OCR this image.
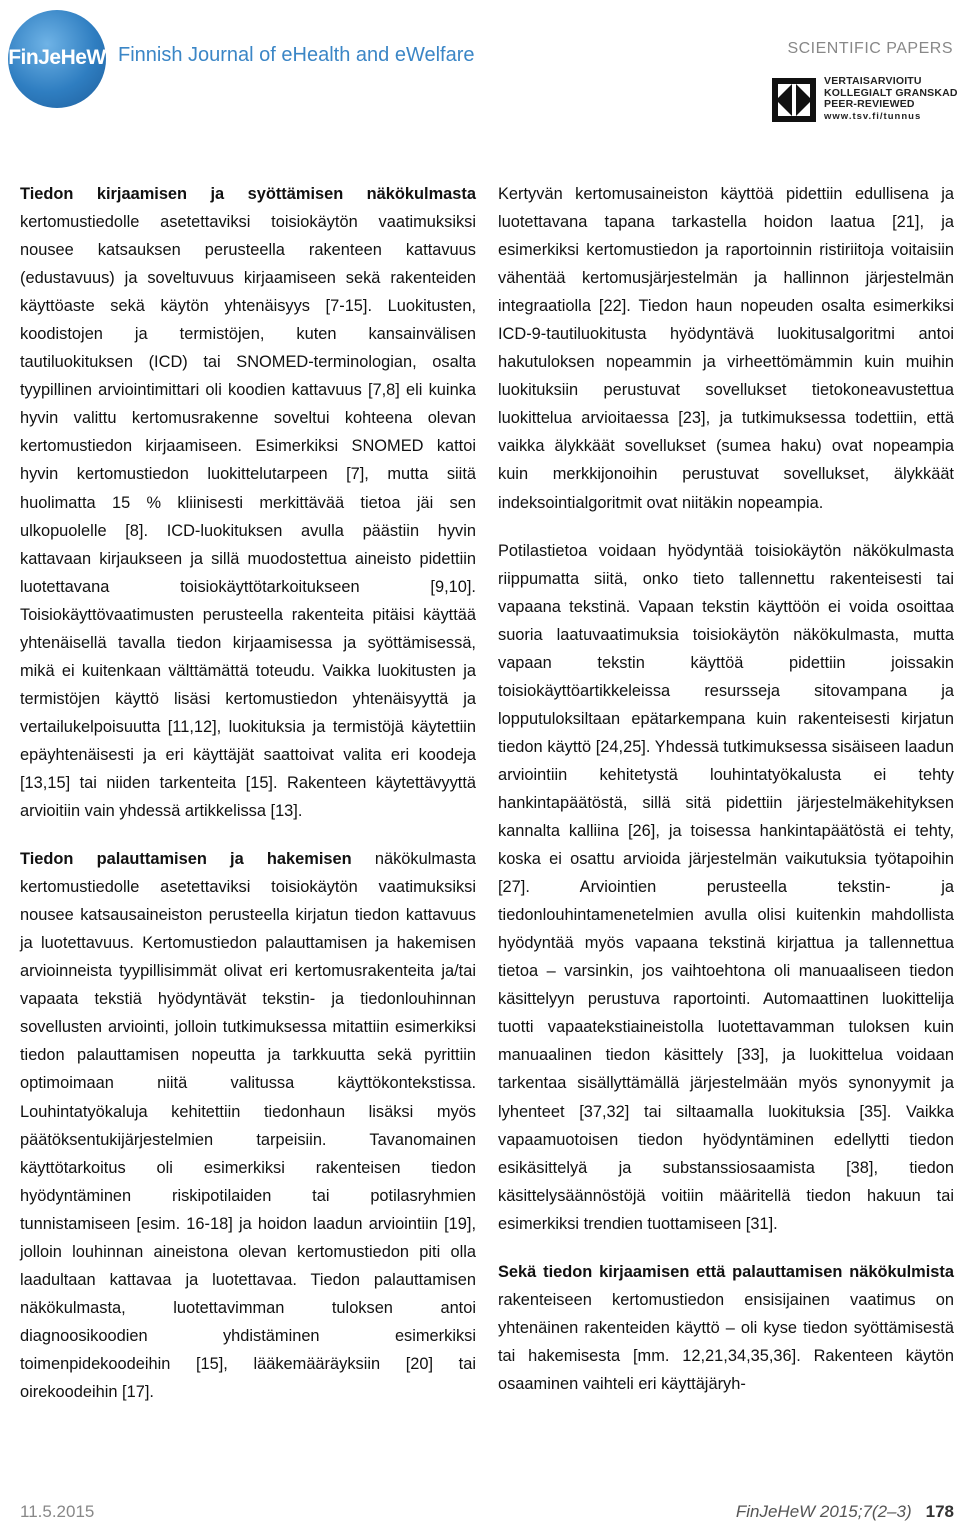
FinJeHeW Finnish Journal of eHealth and eWelfare	SCIENTIFIC PAPERS
VERTAISARVIOITU
KOLLEGIALT GRANSKAD
PEER-REVIEWED
www.tsv.fi/tunnus

Tiedon kirjaamisen ja syöttämisen näkökulmasta kertomustiedolle asetettaviksi toisiokäytön vaatimuksiksi nousee katsauksen perusteella rakenteen kattavuus (edustavuus) ja soveltuvuus kirjaamiseen sekä rakenteiden käyttöaste sekä käytön yhtenäisyys [7-15]. Luokitusten, koodistojen ja termistöjen, kuten kansainvälisen tautiluokituksen (ICD) tai SNOMED-terminologian, osalta tyypillinen arviointimittari oli koodien kattavuus [7,8] eli kuinka hyvin valittu kertomusrakenne soveltui kohteena olevan kertomustiedon kirjaamiseen. Esimerkiksi SNOMED kattoi hyvin kertomustiedon luokittelutarpeen [7], mutta siitä huolimatta 15 % kliinisesti merkittävää tietoa jäi sen ulkopuolelle [8]. ICD-luokituksen avulla päästiin hyvin kattavaan kirjaukseen ja sillä muodostettua aineisto pidettiin luotettavana toisiokäyttötarkoitukseen [9,10]. Toisiokäyttövaatimusten perusteella rakenteita pitäisi käyttää yhtenäisellä tavalla tiedon kirjaamisessa ja syöttämisessä, mikä ei kuitenkaan välttämättä toteudu. Vaikka luokitusten ja termistöjen käyttö lisäsi kertomustiedon yhtenäisyyttä ja vertailukelpoisuutta [11,12], luokituksia ja termistöjä käytettiin epäyhtenäisesti ja eri käyttäjät saattoivat valita eri koodeja [13,15] tai niiden tarkenteita [15]. Rakenteen käytettävyyttä arvioitiin vain yhdessä artikkelissa [13].

Tiedon palauttamisen ja hakemisen näkökulmasta kertomustiedolle asetettaviksi toisiokäytön vaatimuksiksi nousee katsausaineiston perusteella kirjatun tiedon kattavuus ja luotettavuus. Kertomustiedon palauttamisen ja hakemisen arvioinneista tyypillisimmät olivat eri kertomusrakenteita ja/tai vapaata tekstiä hyödyntävät tekstin- ja tiedonlouhinnan sovellusten arviointi, jolloin tutkimuksessa mitattiin esimerkiksi tiedon palauttamisen nopeutta ja tarkkuutta sekä pyrittiin optimoimaan niitä valitussa käyttökontekstissa. Louhintatyökaluja kehitettiin tiedonhaun lisäksi myös päätöksentukijärjestelmien tarpeisiin. Tavanomainen käyttötarkoitus oli esimerkiksi rakenteisen tiedon hyödyntäminen riskipotilaiden tai potilasryhmien tunnistamiseen [esim. 16-18] ja hoidon laadun arviointiin [19], jolloin louhinnan aineistona olevan kertomustiedon piti olla laadultaan kattavaa ja luotettavaa. Tiedon palauttamisen näkökulmasta, luotettavimman tuloksen antoi diagnoosikoodien yhdistäminen esimerkiksi toimenpidekoodeihin [15], lääkemääräyksiin [20] tai oirekoodeihin [17].

Kertyvän kertomusaineiston käyttöä pidettiin edullisena ja luotettavana tapana tarkastella hoidon laatua [21], ja esimerkiksi kertomustiedon ja raportoinnin ristiriitoja voitaisiin vähentää kertomusjärjestelmän ja hallinnon järjestelmän integraatiolla [22]. Tiedon haun nopeuden osalta esimerkiksi ICD-9-tautiluokitusta hyödyntävä luokitusalgoritmi antoi hakutuloksen nopeammin ja virheettömämmin kuin muihin luokituksiin perustuvat sovellukset tietokoneavustettua luokittelua arvioitaessa [23], ja tutkimuksessa todettiin, että vaikka älykkäät sovellukset (sumea haku) ovat nopeampia kuin merkkijonoihin perustuvat sovellukset, älykkäät indeksointialgoritmit ovat niitäkin nopeampia.

Potilastietoa voidaan hyödyntää toisiokäytön näkökulmasta riippumatta siitä, onko tieto tallennettu rakenteisesti tai vapaana tekstinä. Vapaan tekstin käyttöön ei voida osoittaa suoria laatuvaatimuksia toisiokäytön näkökulmasta, mutta vapaan tekstin käyttöä pidettiin joissakin toisiokäyttöartikkeleissa resursseja sitovampana ja lopputuloksiltaan epätarkempana kuin rakenteisesti kirjatun tiedon käyttö [24,25]. Yhdessä tutkimuksessa sisäiseen laadun arviointiin kehitetystä louhintatyökalusta ei tehty hankintapäätöstä, sillä sitä pidettiin järjestelmäkehityksen kannalta kalliina [26], ja toisessa hankintapäätöstä ei tehty, koska ei osattu arvioida järjestelmän vaikutuksia työtapoihin [27]. Arviointien perusteella tekstin- ja tiedonlouhintamenetelmien avulla olisi kuitenkin mahdollista hyödyntää myös vapaana tekstinä kirjattua ja tallennettua tietoa – varsinkin, jos vaihtoehtona oli manuaaliseen tiedon käsittelyyn perustuva raportointi. Automaattinen luokittelija tuotti vapaatekstiaineistolla luotettavamman tuloksen kuin manuaalinen tiedon käsittely [33], ja luokittelua voidaan tarkentaa sisällyttämällä järjestelmään myös synonyymit ja lyhenteet [37,32] tai siltaamalla luokituksia [35]. Vaikka vapaamuotoisen tiedon hyödyntäminen edellytti tiedon esikäsittelyä ja substanssiosaamista [38], tiedon käsittelysäännöstöjä voitiin määritellä tiedon hakuun tai esimerkiksi trendien tuottamiseen [31].

Sekä tiedon kirjaamisen että palauttamisen näkökulmista rakenteiseen kertomustiedon ensisijainen vaatimus on yhtenäinen rakenteiden käyttö – oli kyse tiedon syöttämisestä tai hakemisesta [mm. 12,21,34,35,36]. Rakenteen käytön osaaminen vaihteli eri käyttäjäryh-

11.5.2015	FinJeHeW 2015;7(2–3) 178
